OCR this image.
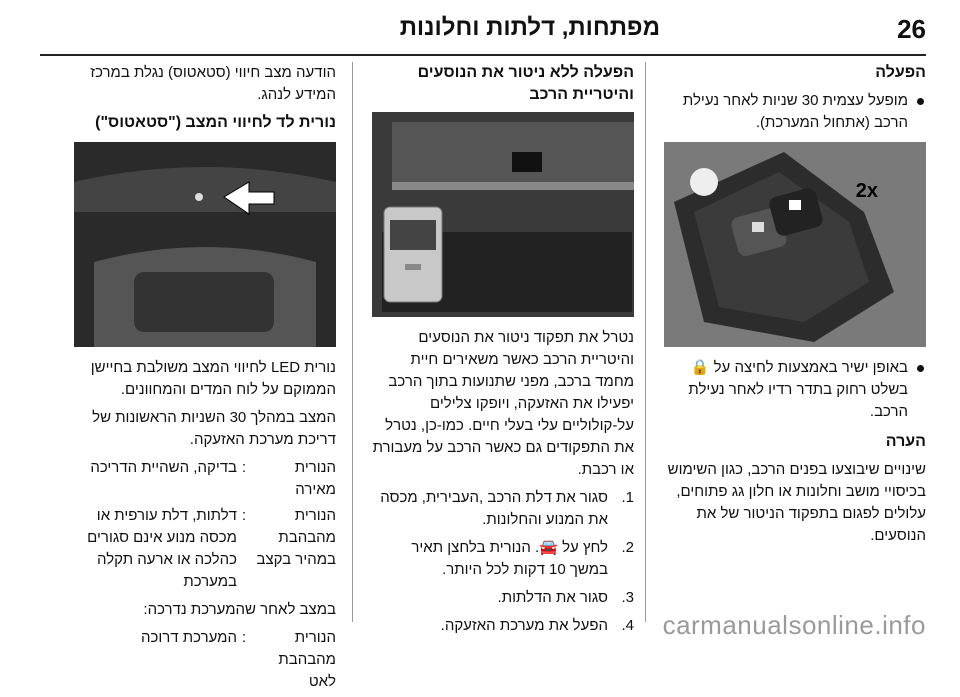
26
מפתחות, דלתות וחלונות
הפעלה

מופעל עצמית 30 שניות לאחר נעילת הרכב (אתחול המערכת).

2x

באופן ישיר באמצעות לחיצה על 🔒 בשלט רחוק בתדר רדיו לאחר נעילת הרכב.

הערה

שינויים שיבוצעו בפנים הרכב, כגון השימוש בכיסויי מושב וחלונות או חלון גג פתוחים, עלולים לפגום בתפקוד הניטור של את הנוסעים.

הפעלה ללא ניטור את הנוסעים והיטריית הרכב

נטרל את תפקוד ניטור את הנוסעים והיטריית הרכב כאשר משאירים חיית מחמד ברכב, מפני שתנועות בתוך הרכב יפעילו את האזעקה, ויופקו צלילים על-קולוליים עלי בעלי חיים. כמו-כן, נטרל את התפקודים גם כאשר הרכב על מעבורת או רכבת.

1.
סגור את דלת הרכב ,העבירית, מכסה את המנוע והחלונות.
2.
לחץ על 🚘. הנורית בלחצן תאיר במשך 10 דקות לכל היותר.
3.
סגור את הדלתות.
4.
הפעל את מערכת האזעקה.

הודעה מצב חיווי (סטאטוס) נגלת במרכז המידע לנהג.

נורית לד לחיווי המצב ("סטאטוס")

נורית LED לחיווי המצב משולבת בחיישן הממוקם על לוח המדים והמחוונים.

המצב במהלך 30 השניות הראשונות של דריכת מערכת האזעקה.

הנורית מאירה
:
בדיקה, השהיית הדריכה
הנורית מהבהבת במהיר בקצב
:
דלתות, דלת עורפית או מכסה מנוע אינם סגורים כהלכה או ארעה תקלה במערכת

במצב לאחר שהמערכת נדרכה:

הנורית מהבהבת לאט
:
המערכת דרוכה	carmanualsonline.info
